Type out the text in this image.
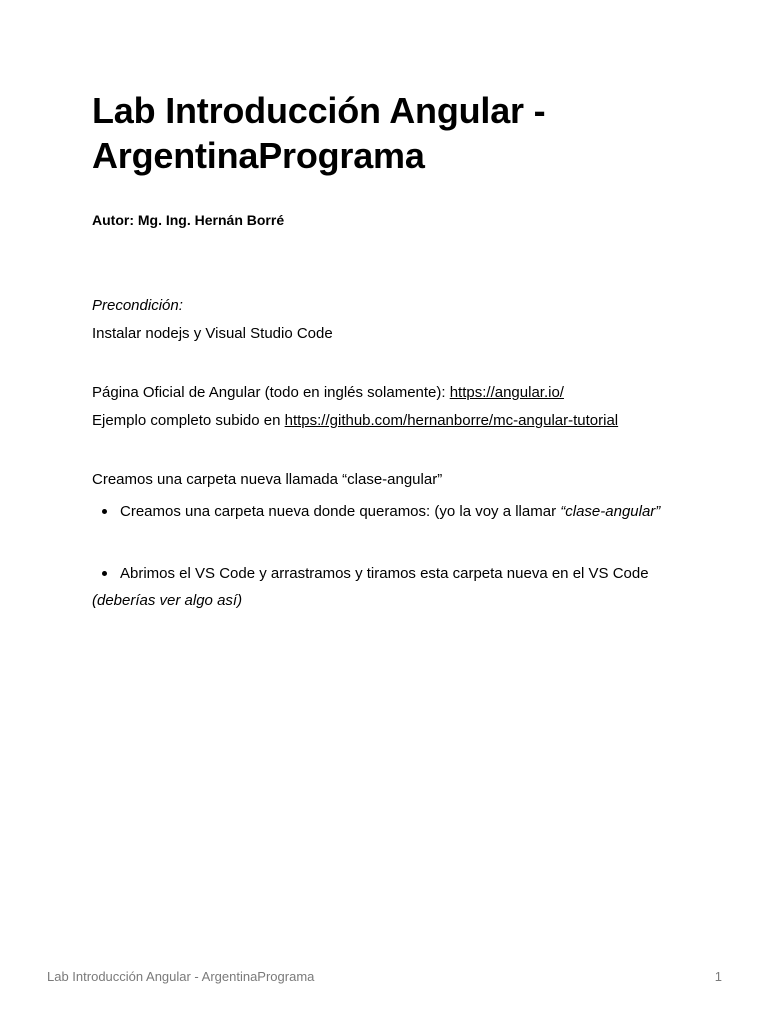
Lab Introducción Angular -
ArgentinaPrograma
Autor: Mg. Ing. Hernán Borré

Precondición:

Instalar nodejs y Visual Studio Code

Página Oficial de Angular (todo en inglés solamente): https://angular.io/

Ejemplo completo subido en https://github.com/hernanborre/mc-angular-tutorial

Creamos una carpeta nueva llamada “clase-angular”

Creamos una carpeta nueva donde queramos: (yo la voy a llamar “clase-angular”
Abrimos el VS Code y arrastramos y tiramos esta carpeta nueva en el VS Code

(deberías ver algo así)

Lab Introducción Angular - ArgentinaPrograma	1
